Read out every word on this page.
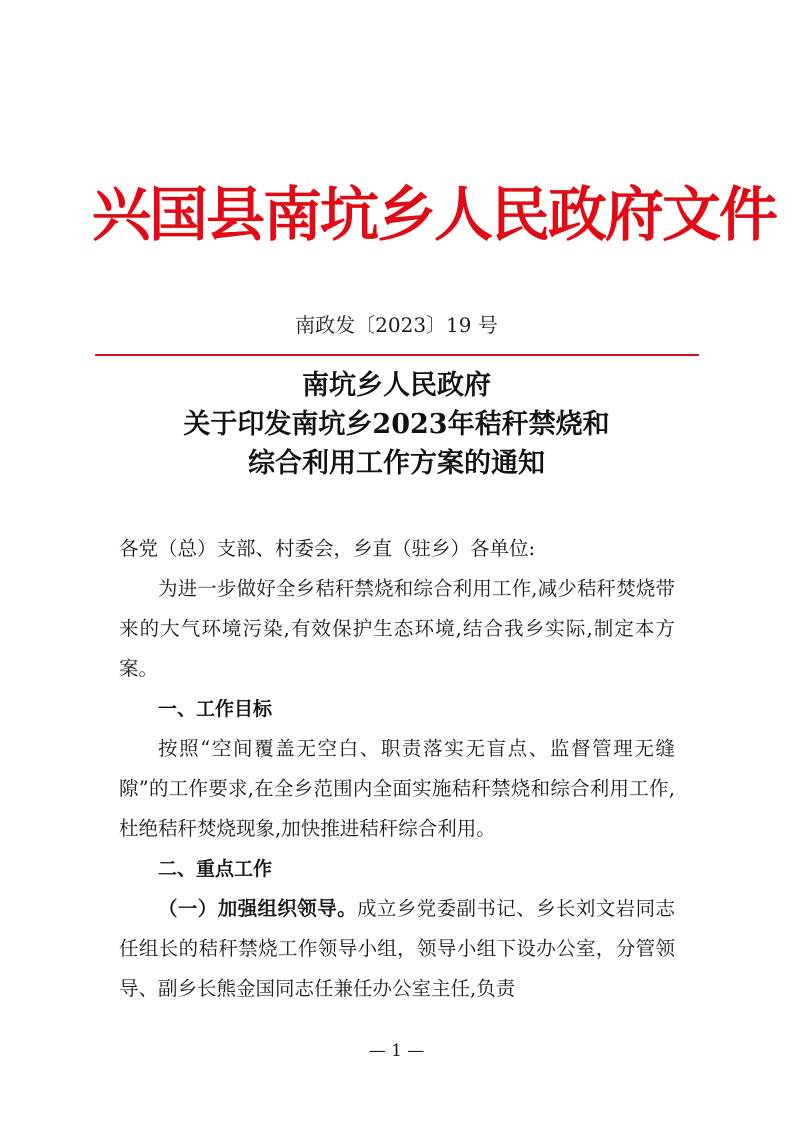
兴国县南坑乡人民政府文件
南政发〔2023〕19 号
南坑乡人民政府
关于印发南坑乡2023年秸秆禁烧和
综合利用工作方案的通知

各党（总）支部、村委会，乡直（驻乡）各单位:

为进一步做好全乡秸秆禁烧和综合利用工作,减少秸秆焚烧带来的大气环境污染,有效保护生态环境,结合我乡实际,制定本方案。

一、工作目标

按照“空间覆盖无空白、职责落实无盲点、监督管理无缝隙”的工作要求,在全乡范围内全面实施秸秆禁烧和综合利用工作,杜绝秸秆焚烧现象,加快推进秸秆综合利用。

二、重点工作

（一）加强组织领导。成立乡党委副书记、乡长刘文岩同志任组长的秸秆禁烧工作领导小组，领导小组下设办公室，分管领导、副乡长熊金国同志任兼任办公室主任,负责

— 1 —
